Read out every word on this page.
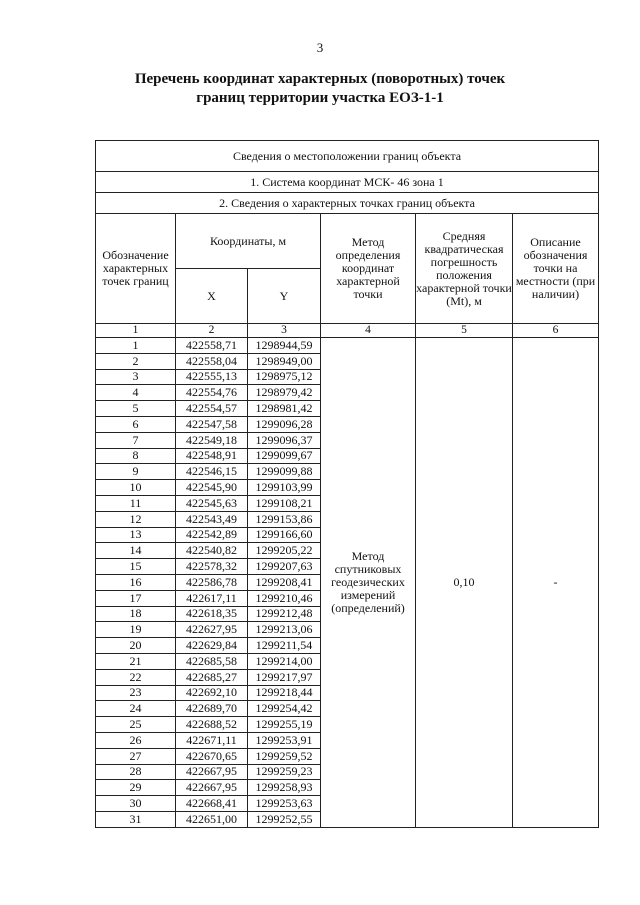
3
Перечень координат характерных (поворотных) точек
границ территории участка ЕОЗ-1-1
Сведения о местоположении границ объекта					
1. Система координат МСК- 46 зона 1					
2. Сведения о характерных точках границ объекта					
Обозначение характерных точек границ	Координаты, м		Метод определения координат характерной точки	Средняя квадратическая погрешность положения характерной точки (Mt), м	Описание обозначения точки на местности (при наличии)
	X	Y			
1	2	3	4	5	6
1	422558,71	1298944,59	Метод спутниковых геодезических измерений (определений)	0,10	-
2	422558,04	1298949,00			
3	422555,13	1298975,12			
4	422554,76	1298979,42			
5	422554,57	1298981,42			
6	422547,58	1299096,28			
7	422549,18	1299096,37			
8	422548,91	1299099,67			
9	422546,15	1299099,88			
10	422545,90	1299103,99			
11	422545,63	1299108,21			
12	422543,49	1299153,86			
13	422542,89	1299166,60			
14	422540,82	1299205,22			
15	422578,32	1299207,63			
16	422586,78	1299208,41			
17	422617,11	1299210,46			
18	422618,35	1299212,48			
19	422627,95	1299213,06			
20	422629,84	1299211,54			
21	422685,58	1299214,00			
22	422685,27	1299217,97			
23	422692,10	1299218,44			
24	422689,70	1299254,42			
25	422688,52	1299255,19			
26	422671,11	1299253,91			
27	422670,65	1299259,52			
28	422667,95	1299259,23			
29	422667,95	1299258,93			
30	422668,41	1299253,63			
31	422651,00	1299252,55			
